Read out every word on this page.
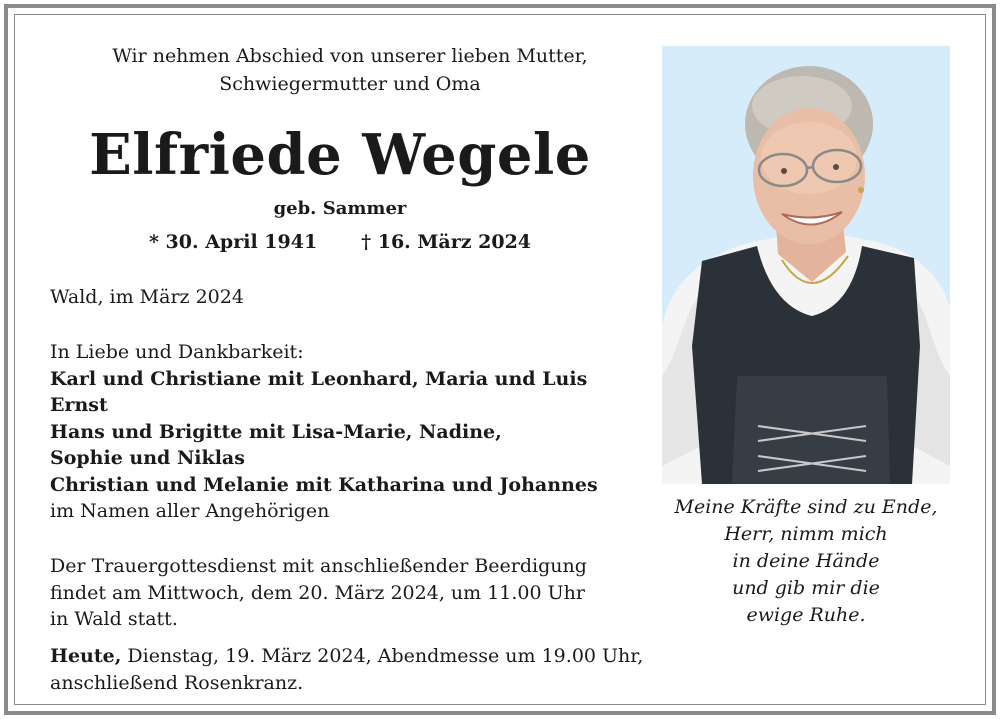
Wir nehmen Abschied von unserer lieben Mutter,
Schwiegermutter und Oma
Elfriede Wegele
geb. Sammer
* 30. April 1941 † 16. März 2024
Wald, im März 2024
In Liebe und Dankbarkeit:
Karl und Christiane mit Leonhard, Maria und Luis
Ernst
Hans und Brigitte mit Lisa-Marie, Nadine,
Sophie und Niklas
Christian und Melanie mit Katharina und Johannes
im Namen aller Angehörigen
Der Trauergottesdienst mit anschließender Beerdigung
findet am Mittwoch, dem 20. März 2024, um 11.00 Uhr
in Wald statt.
Heute, Dienstag, 19. März 2024, Abendmesse um 19.00 Uhr,
anschließend Rosenkranz.
Meine Kräfte sind zu Ende,
Herr, nimm mich
in deine Hände
und gib mir die
ewige Ruhe.
